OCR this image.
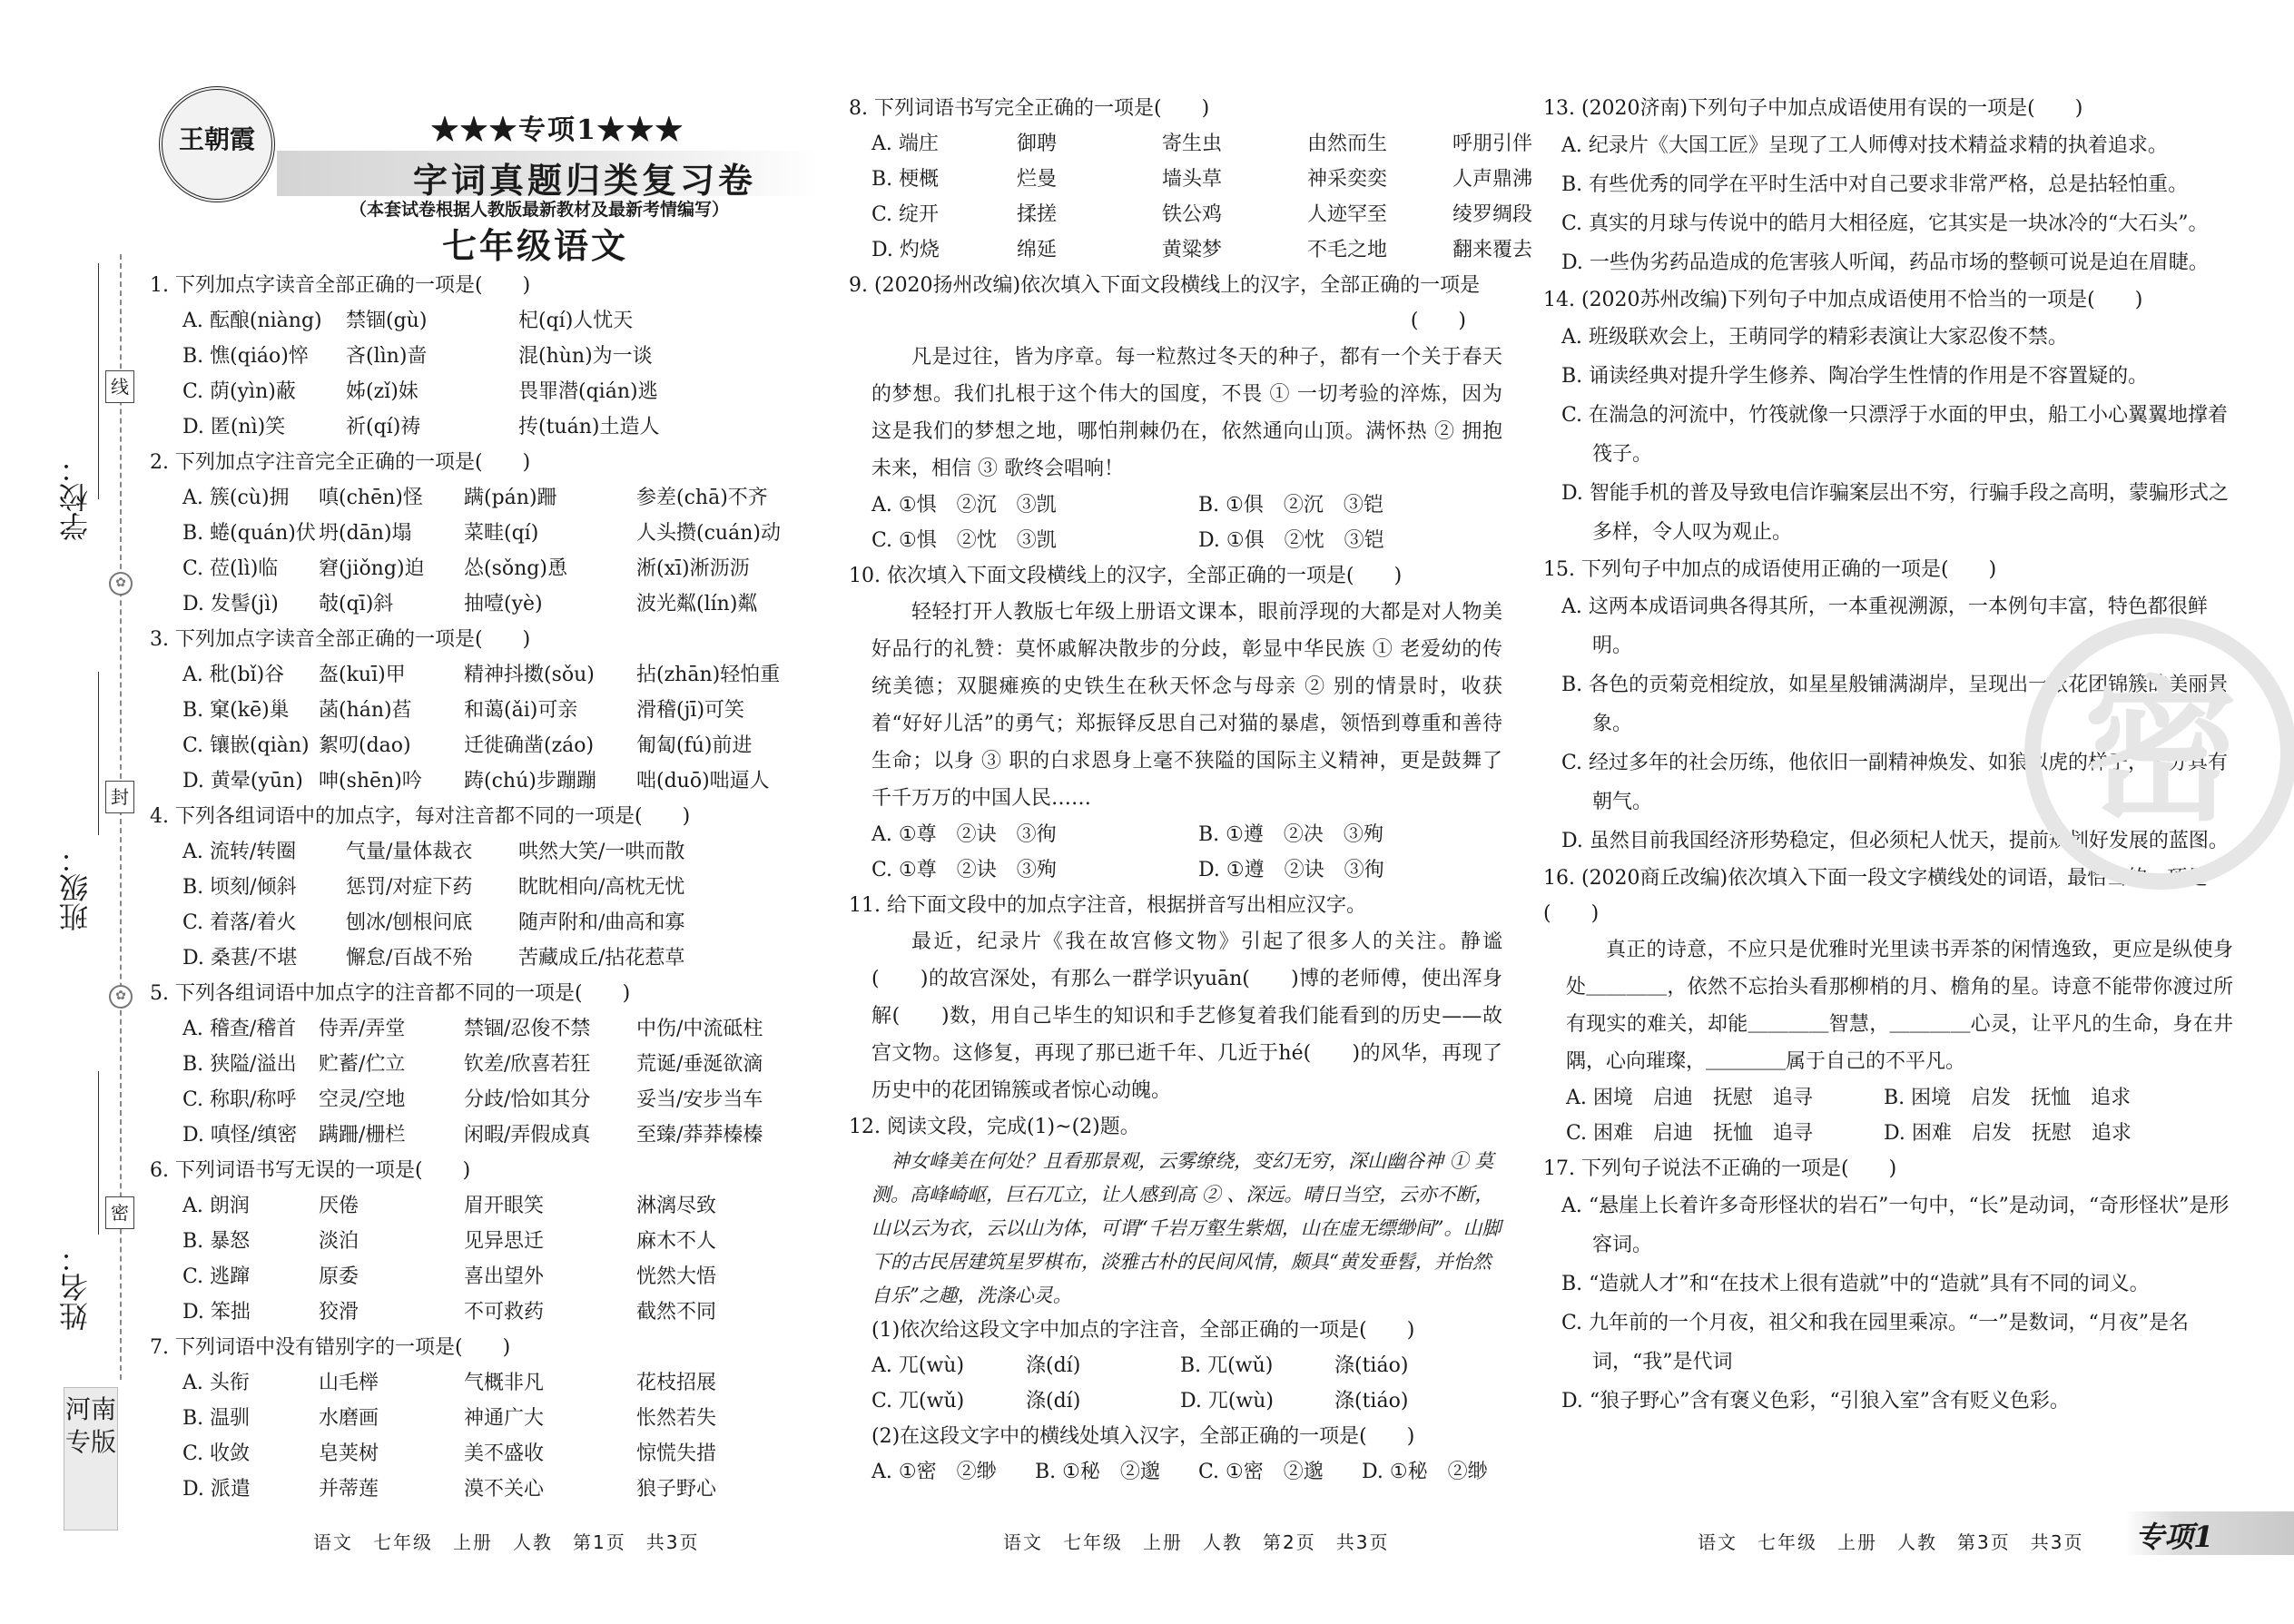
学校：
班级：
姓名：
线
✿
封
✿
密
河南专版
王朝霞	★★★专项1★★★
字词真题归类复习卷
（本套试卷根据人教版最新教材及最新考情编写）
七年级语文
1. 下列加点字读音全部正确的一项是(　　)
A. 酝酿(niàng)	禁锢(gù)	杞(qí)人忧天
B. 憔(qiáo)悴	吝(lìn)啬	混(hùn)为一谈
C. 荫(yìn)蔽	姊(zǐ)妹	畏罪潜(qián)逃
D. 匿(nì)笑	祈(qí)祷	抟(tuán)土造人
2. 下列加点字注音完全正确的一项是(　　)
A. 簇(cù)拥	嗔(chēn)怪	蹒(pán)跚	参差(chā)不齐
B. 蜷(quán)伏 坍(dān)塌	菜畦(qí)	人头攒(cuán)动
C. 莅(lì)临	窘(jiǒng)迫	怂(sǒng)恿	淅(xī)淅沥沥
D. 发髻(jì)	攲(qī)斜	抽噎(yè)	波光粼(lín)粼
3. 下列加点字读音全部正确的一项是(　　)
A. 秕(bǐ)谷	盔(kuī)甲	精神抖擞(sǒu)	拈(zhān)轻怕重
B. 窠(kē)巢	菡(hán)萏	和蔼(ǎi)可亲	滑稽(jī)可笑
C. 镶嵌(qiàn) 絮叨(dao)	迁徙确凿(záo)	匍匐(fú)前进
D. 黄晕(yūn) 呻(shēn)吟	踌(chú)步蹦蹦	咄(duō)咄逼人
4. 下列各组词语中的加点字，每对注音都不同的一项是(　　)
A. 流转/转圈	气量/量体裁衣	哄然大笑/一哄而散
B. 顷刻/倾斜	惩罚/对症下药	眈眈相向/高枕无忧
C. 着落/着火	刨冰/刨根问底	随声附和/曲高和寡
D. 桑葚/不堪	懈怠/百战不殆	苦藏成丘/拈花惹草
5. 下列各组词语中加点字的注音都不同的一项是(　　)
A. 稽查/稽首	侍弄/弄堂	禁锢/忍俊不禁	中伤/中流砥柱
B. 狭隘/溢出	贮蓄/伫立	钦差/欣喜若狂	荒诞/垂涎欲滴
C. 称职/称呼	空灵/空地	分歧/恰如其分	妥当/安步当车
D. 嗔怪/缜密	蹒跚/栅栏	闲暇/弄假成真	至臻/莽莽榛榛
6. 下列词语书写无误的一项是(　　)
A. 朗润	厌倦	眉开眼笑	淋漓尽致
B. 暴怒	淡泊	见异思迁	麻木不人
C. 逃蹿	原委	喜出望外	恍然大悟
D. 笨拙	狡滑	不可救药	截然不同
7. 下列词语中没有错别字的一项是(　　)
A. 头衔	山毛榉	气概非凡	花枝招展
B. 温驯	水磨画	神通广大	怅然若失
C. 收敛	皂荚树	美不盛收	惊慌失措
D. 派遣	并蒂莲	漠不关心	狼子野心
语文　七年级　上册　人教　第1页　共3页
8. 下列词语书写完全正确的一项是(　　)
A. 端庄	御聘	寄生虫	由然而生	呼朋引伴
B. 梗概	烂曼	墙头草	神采奕奕	人声鼎沸
C. 绽开	揉搓	铁公鸡	人迹罕至	绫罗绸段
D. 灼烧	绵延	黄粱梦	不毛之地	翻来覆去
9. (2020扬州改编)依次填入下面文段横线上的汉字，全部正确的一项是
(　　)
凡是过往，皆为序章。每一粒熬过冬天的种子，都有一个关于春天的梦想。我们扎根于这个伟大的国度，不畏 ① 一切考验的淬炼，因为这是我们的梦想之地，哪怕荆棘仍在，依然通向山顶。满怀热 ② 拥抱未来，相信 ③ 歌终会唱响！
A. ①惧　②沉　③凯	B. ①俱　②沉　③铠
C. ①惧　②忱　③凯	D. ①俱　②忱　③铠
10. 依次填入下面文段横线上的汉字，全部正确的一项是(　　)
轻轻打开人教版七年级上册语文课本，眼前浮现的大都是对人物美好品行的礼赞：莫怀戚解决散步的分歧，彰显中华民族 ① 老爱幼的传统美德；双腿瘫痪的史铁生在秋天怀念与母亲 ② 别的情景时，收获着“好好儿活”的勇气；郑振铎反思自己对猫的暴虐，领悟到尊重和善待生命；以身 ③ 职的白求恩身上毫不狭隘的国际主义精神，更是鼓舞了千千万万的中国人民……
A. ①尊　②诀　③徇	B. ①遵　②决　③殉
C. ①尊　②诀　③殉	D. ①遵　②诀　③徇
11. 给下面文段中的加点字注音，根据拼音写出相应汉字。
最近，纪录片《我在故宫修文物》引起了很多人的关注。静谧(　　)的故宫深处，有那么一群学识yuān(　　)博的老师傅，使出浑身解(　　)数，用自己毕生的知识和手艺修复着我们能看到的历史——故宫文物。这修复，再现了那已逝千年、几近于hé(　　)的风华，再现了历史中的花团锦簇或者惊心动魄。
12. 阅读文段，完成(1)~(2)题。
神女峰美在何处？且看那景观，云雾缭绕，变幻无穷，深山幽谷神 ① 莫测。高峰崎岖，巨石兀立，让人感到高 ② 、深远。晴日当空，云亦不断，山以云为衣，云以山为体，可谓“千岩万壑生紫烟，山在虚无缥缈间”。山脚下的古民居建筑星罗棋布，淡雅古朴的民间风情，颇具“黄发垂髫，并怡然自乐”之趣，洗涤心灵。
(1)依次给这段文字中加点的字注音，全部正确的一项是(　　)
A. 兀(wù)	涤(dí)	B. 兀(wǔ)	涤(tiáo)
C. 兀(wǔ)	涤(dí)	D. 兀(wù)	涤(tiáo)
(2)在这段文字中的横线处填入汉字，全部正确的一项是(　　)
A. ①密　②缈	B. ①秘　②邈	C. ①密　②邈	D. ①秘　②缈
语文　七年级　上册　人教　第2页　共3页
密
13. (2020济南)下列句子中加点成语使用有误的一项是(　　)
A. 纪录片《大国工匠》呈现了工人师傅对技术精益求精的执着追求。
B. 有些优秀的同学在平时生活中对自己要求非常严格，总是拈轻怕重。
C. 真实的月球与传说中的皓月大相径庭，它其实是一块冰冷的“大石头”。
D. 一些伪劣药品造成的危害骇人听闻，药品市场的整顿可说是迫在眉睫。
14. (2020苏州改编)下列句子中加点成语使用不恰当的一项是(　　)
A. 班级联欢会上，王萌同学的精彩表演让大家忍俊不禁。
B. 诵读经典对提升学生修养、陶冶学生性情的作用是不容置疑的。
C. 在湍急的河流中，竹筏就像一只漂浮于水面的甲虫，船工小心翼翼地撑着筏子。
D. 智能手机的普及导致电信诈骗案层出不穷，行骗手段之高明，蒙骗形式之多样，令人叹为观止。
15. 下列句子中加点的成语使用正确的一项是(　　)
A. 这两本成语词典各得其所，一本重视溯源，一本例句丰富，特色都很鲜明。
B. 各色的贡菊竞相绽放，如星星般铺满湖岸，呈现出一派花团锦簇的美丽景象。
C. 经过多年的社会历练，他依旧一副精神焕发、如狼似虎的样子，十分具有朝气。
D. 虽然目前我国经济形势稳定，但必须杞人忧天，提前规划好发展的蓝图。
16. (2020商丘改编)依次填入下面一段文字横线处的词语，最恰当的一项是(　　)
真正的诗意，不应只是优雅时光里读书弄茶的闲情逸致，更应是纵使身处＿＿＿＿，依然不忘抬头看那柳梢的月、檐角的星。诗意不能带你渡过所有现实的难关，却能＿＿＿＿智慧，＿＿＿＿心灵，让平凡的生命，身在井隅，心向璀璨，＿＿＿＿属于自己的不平凡。
A. 困境　启迪　抚慰　追寻	B. 困境　启发　抚恤　追求
C. 困难　启迪　抚恤　追寻	D. 困难　启发　抚慰　追求
17. 下列句子说法不正确的一项是(　　)
A. “悬崖上长着许多奇形怪状的岩石”一句中，“长”是动词，“奇形怪状”是形容词。
B. “造就人才”和“在技术上很有造就”中的“造就”具有不同的词义。
C. 九年前的一个月夜，祖父和我在园里乘凉。“一”是数词，“月夜”是名词，“我”是代词
D. “狼子野心”含有褒义色彩，“引狼入室”含有贬义色彩。
语文　七年级　上册　人教　第3页　共3页 专项1
